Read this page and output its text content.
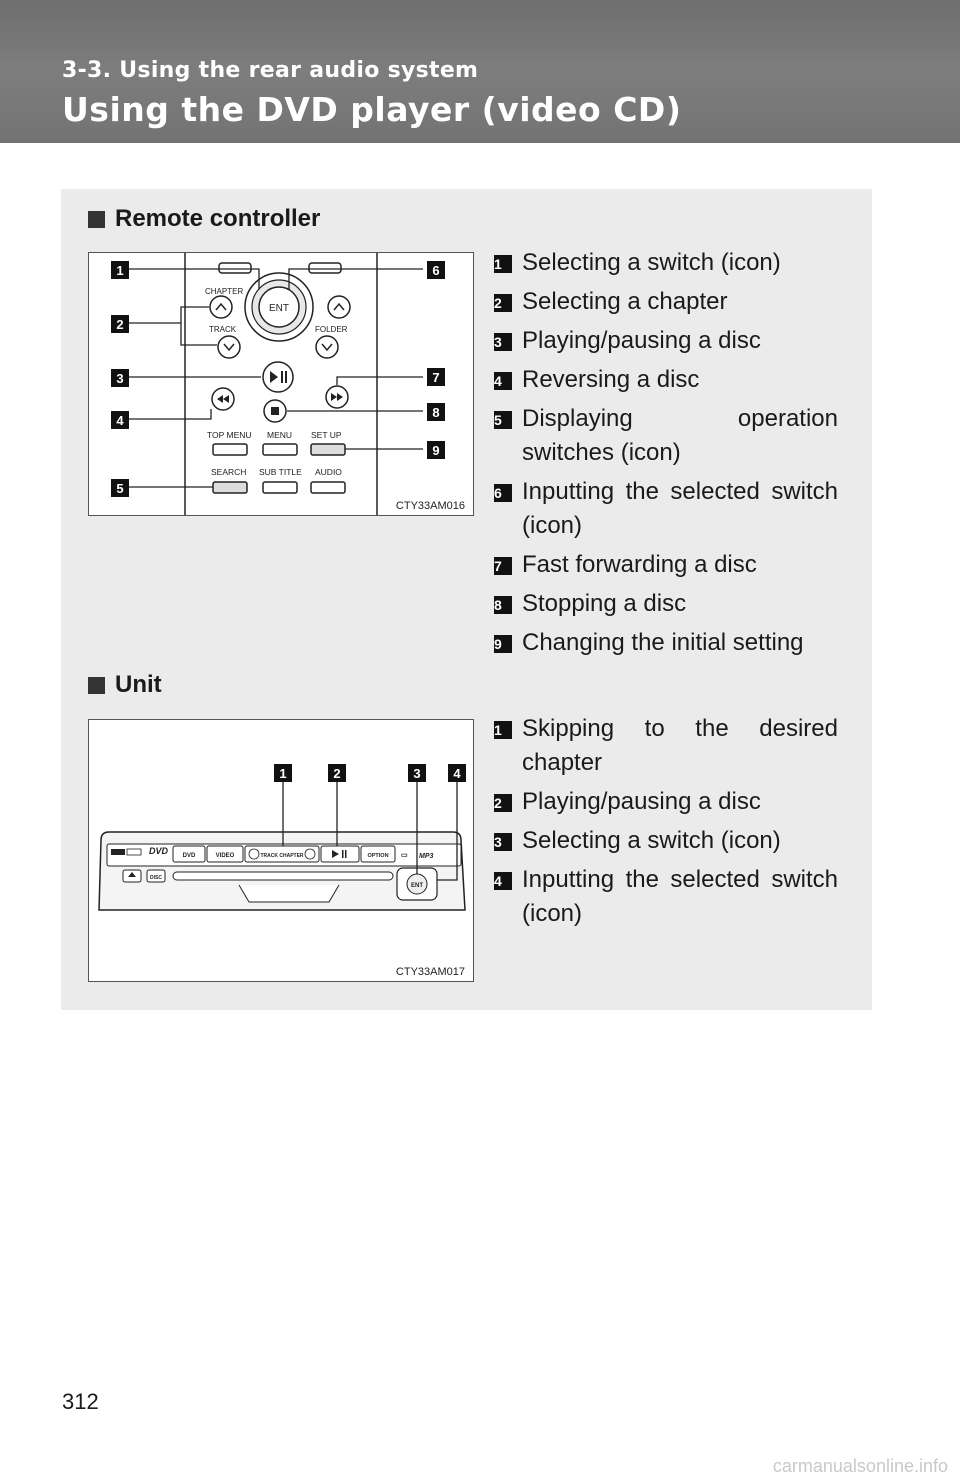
3-3. Using the rear audio system
Using the DVD player (video CD)
Remote controller
ENT
CHAPTER
TRACK	FOLDER
TOP MENU MENU SET UP
SEARCH SUB TITLE AUDIO
1
2
3
4
5
6
7
8
9
CTY33AM016
1 Selecting a switch (icon)
2 Selecting a chapter
3 Playing/pausing a disc
4 Reversing a disc
5 Displaying operation switches (icon)
6 Inputting the selected switch (icon)
7 Fast forwarding a disc
8 Stopping a disc
9 Changing the initial setting
Unit
DVD DVD	VIDEO	TRACK CHAPTER	OPTION ▭ MP3
DISC
ENT
1	2	3	4
CTY33AM017
1 Skipping to the desired chapter
2 Playing/pausing a disc
3 Selecting a switch (icon)
4 Inputting the selected switch (icon)
312
carmanualsonline.info
